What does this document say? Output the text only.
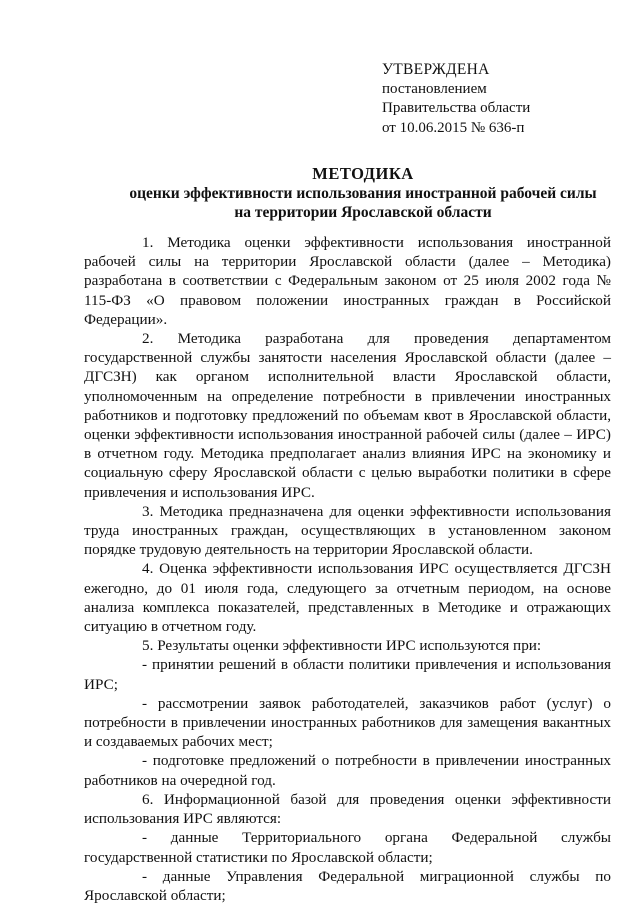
УТВЕРЖДЕНА
постановлением
Правительства области
от 10.06.2015 № 636-п
МЕТОДИКА
оценки эффективности использования иностранной рабочей силы
на территории Ярославской области

1. Методика оценки эффективности использования иностранной рабочей силы на территории Ярославской области (далее – Методика) разработана в соответствии с Федеральным законом от 25 июля 2002 года № 115-ФЗ «О правовом положении иностранных граждан в Российской Федерации».

2. Методика разработана для проведения департаментом государственной службы занятости населения Ярославской области (далее – ДГСЗН) как органом исполнительной власти Ярославской области, уполномоченным на определение потребности в привлечении иностранных работников и подготовку предложений по объемам квот в Ярославской области, оценки эффективности использования иностранной рабочей силы (далее – ИРС) в отчетном году. Методика предполагает анализ влияния ИРС на экономику и социальную сферу Ярославской области с целью выработки политики в сфере привлечения и использования ИРС.

3. Методика предназначена для оценки эффективности использования труда иностранных граждан, осуществляющих в установленном законом порядке трудовую деятельность на территории Ярославской области.

4. Оценка эффективности использования ИРС осуществляется ДГСЗН ежегодно, до 01 июля года, следующего за отчетным периодом, на основе анализа комплекса показателей, представленных в Методике и отражающих ситуацию в отчетном году.

5. Результаты оценки эффективности ИРС используются при:

- принятии решений в области политики привлечения и использования ИРС;

- рассмотрении заявок работодателей, заказчиков работ (услуг) о потребности в привлечении иностранных работников для замещения вакантных и создаваемых рабочих мест;

- подготовке предложений о потребности в привлечении иностранных работников на очередной год.

6. Информационной базой для проведения оценки эффективности использования ИРС являются:

- данные Территориального органа Федеральной службы государственной статистики по Ярославской области;

- данные Управления Федеральной миграционной службы по Ярославской области;
